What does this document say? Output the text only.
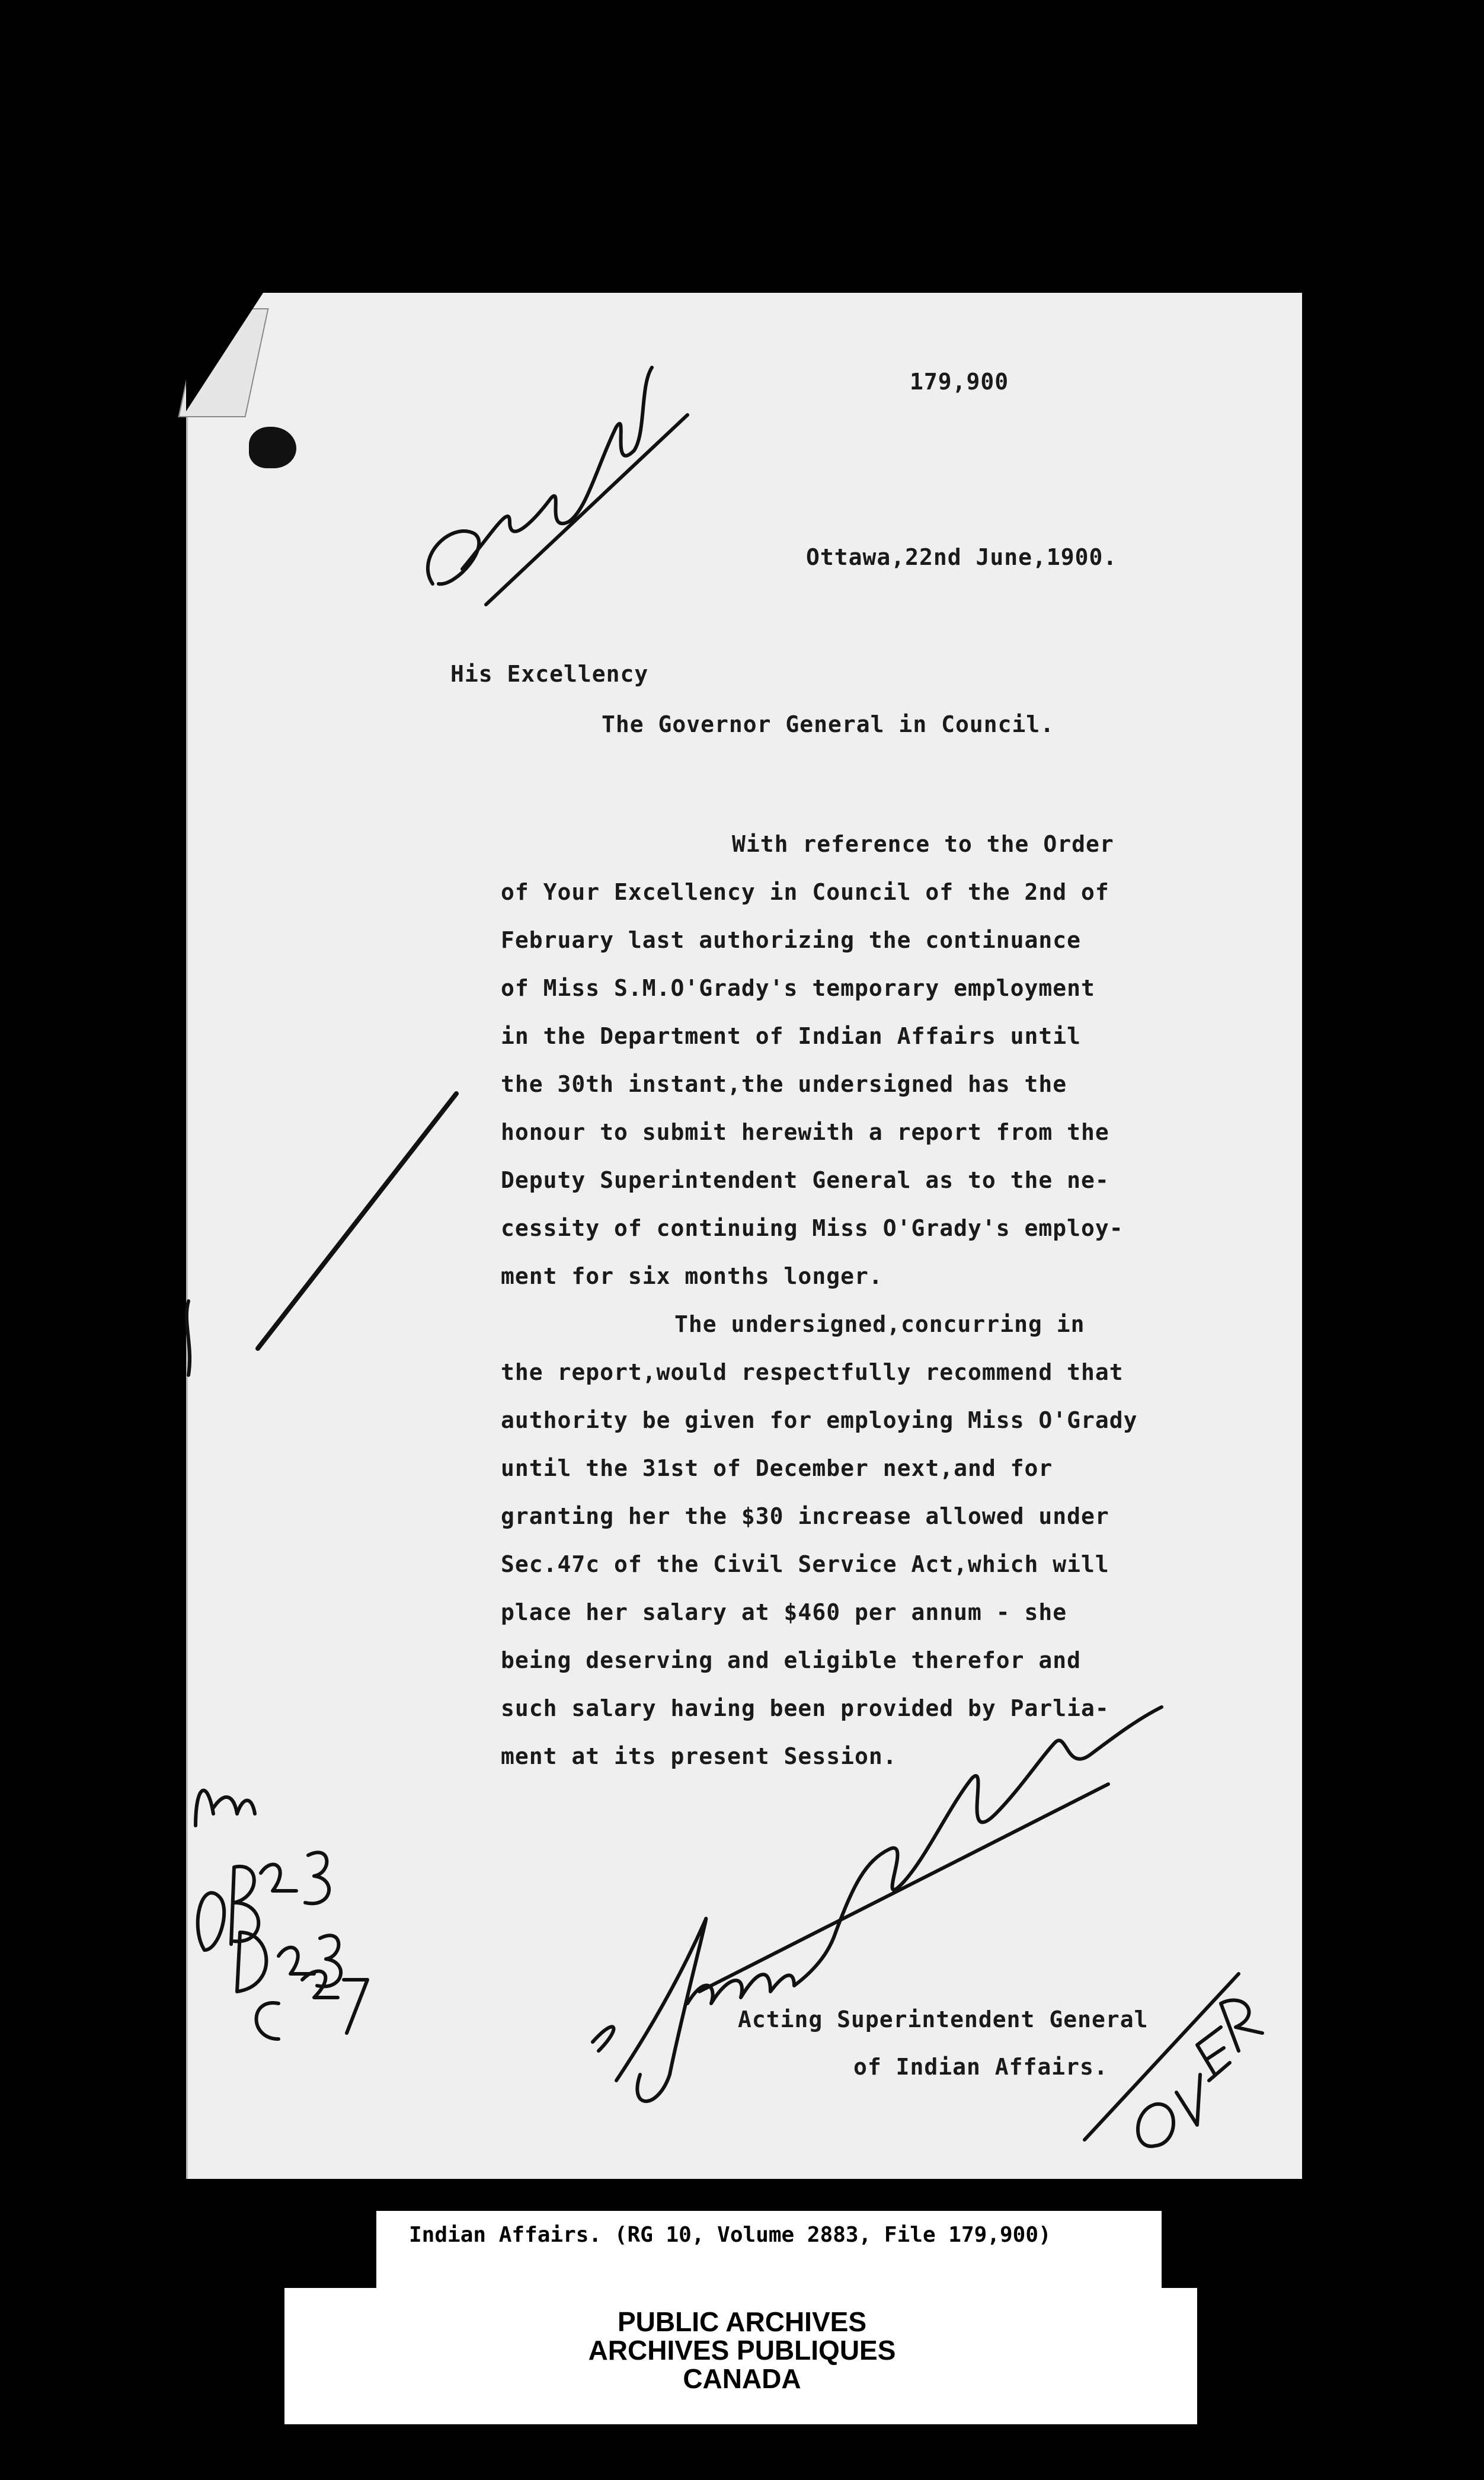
179,900
Ottawa,22nd June,1900.
His Excellency
The Governor General in Council.

With reference to the Order

of Your Excellency in Council of the 2nd of

February last authorizing the continuance

of Miss S.M.O'Grady's temporary employment

in the Department of Indian Affairs until

the 30th instant,the undersigned has the

honour to submit herewith a report from the

Deputy Superintendent General as to the ne-

cessity of continuing Miss O'Grady's employ-

ment for six months longer.

The undersigned,concurring in

the report,would respectfully recommend that

authority be given for employing Miss O'Grady

until the 31st of December next,and for

granting her the $30 increase allowed under

Sec.47c of the Civil Service Act,which will

place her salary at $460 per annum - she

being deserving and eligible therefor and

such salary having been provided by Parlia-

ment at its present Session.

Acting Superintendent General
of Indian Affairs.
Indian Affairs. (RG 10, Volume 2883, File 179,900)
PUBLIC ARCHIVES
ARCHIVES PUBLIQUES
CANADA
